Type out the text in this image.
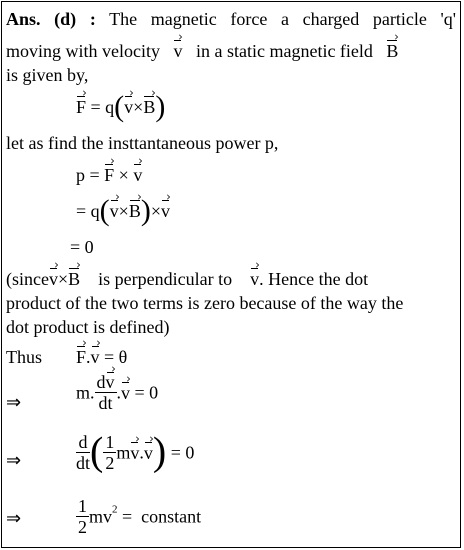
Ans. (d) : The magnetic force a charged particle 'q'
moving with velocity v in a static magnetic field B
is given by,
F = q(v×B)
let as find the insttantaneous power p,
p = F × v
= q(v×B)×v
= 0
(sincev×B is perpendicular to v. Hence the dot
product of the two terms is zero because of the way the
dot product is defined)
Thus F.v = θ
⇒	m. $\frac{dv}{dt} .v = 0$
⇒	$\frac{d}{dt}$ ( $\frac{1}{2} mv.v) = 0$
⇒	$\frac{1}{2} mv^2$ =  constant
